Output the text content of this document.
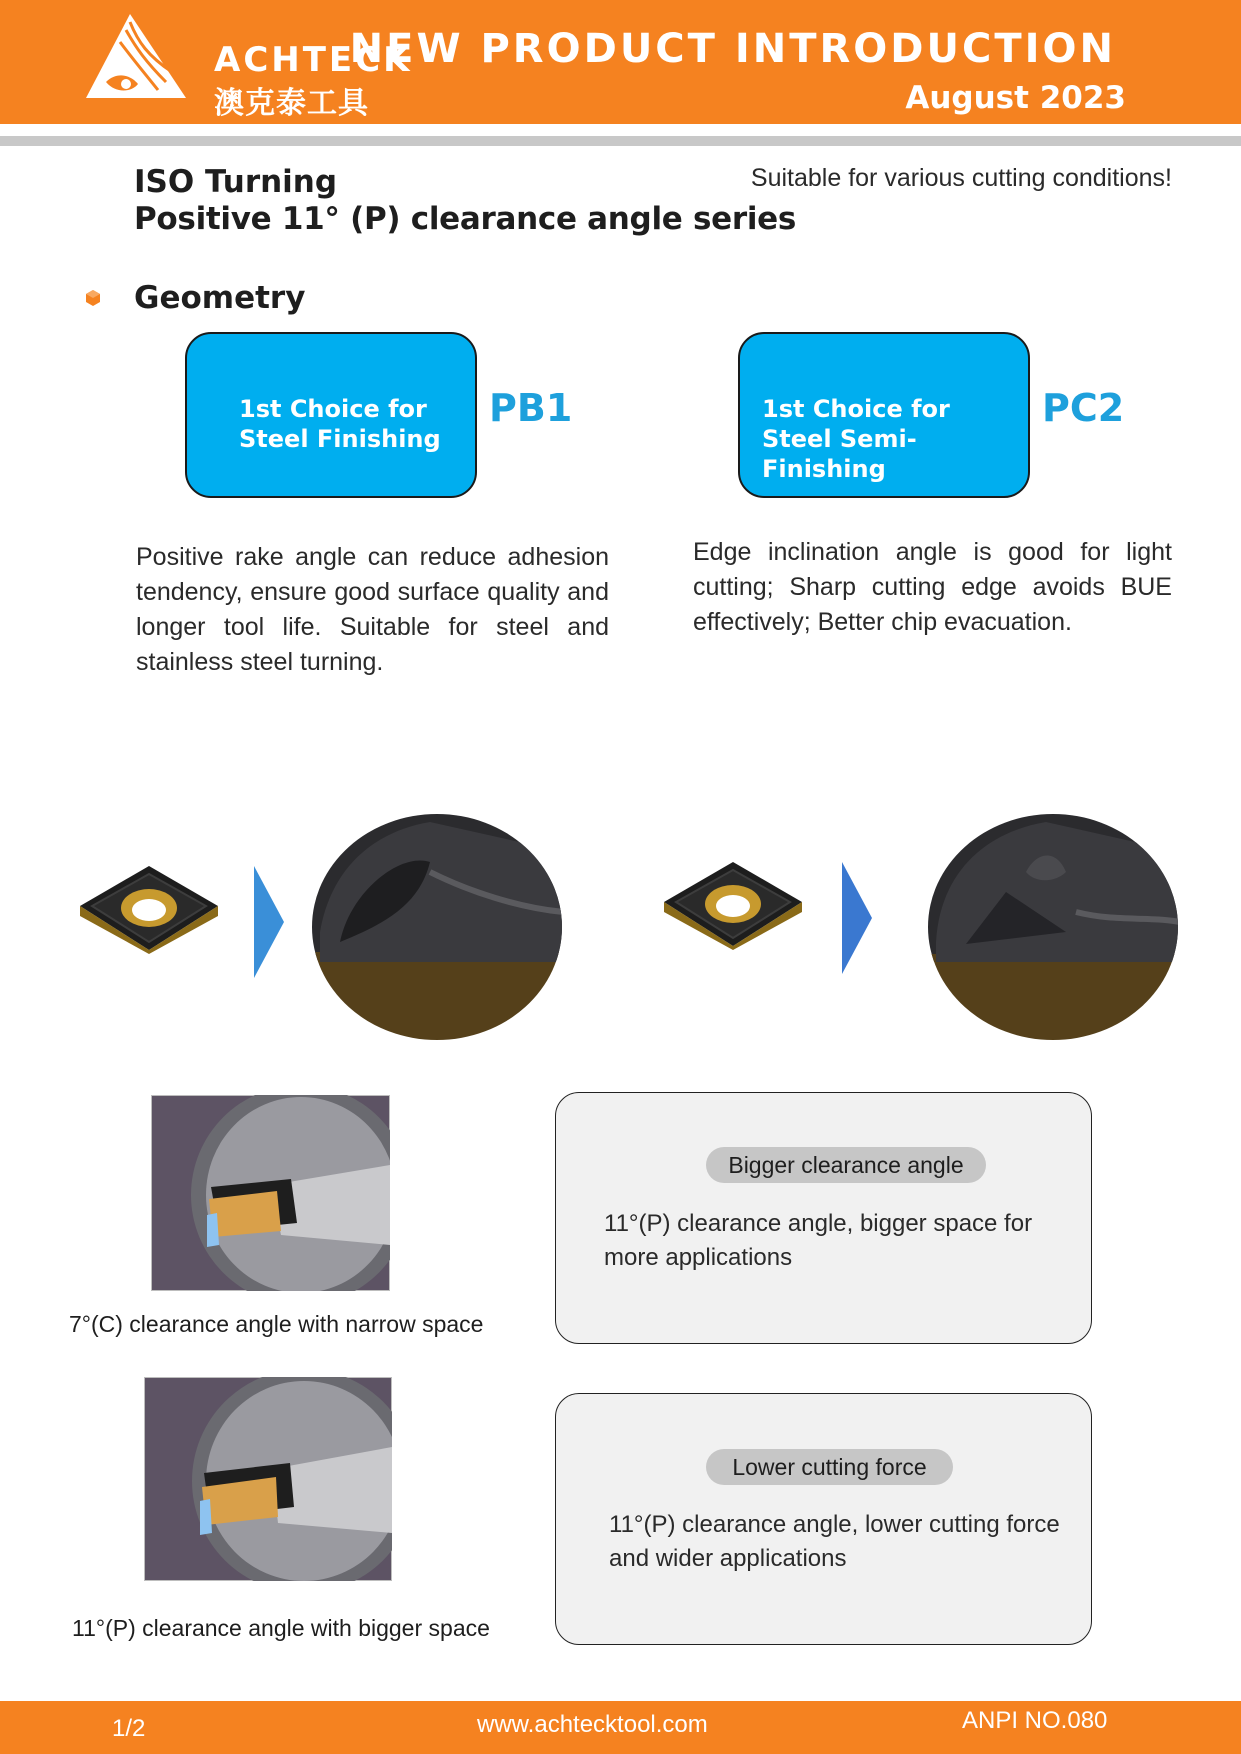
ACHTECK
澳克泰工具
NEW PRODUCT INTRODUCTION
August 2023
ISO Turning
Positive 11° (P) clearance angle series
Suitable for various cutting conditions!
Geometry
1st Choice for
Steel Finishing
PB1	1st Choice for
Steel Semi-Finishing
PC2
Positive rake angle can reduce adhesion tendency, ensure good surface quality and longer tool life. Suitable for steel and stainless steel turning.
Edge inclination angle is good for light cutting; Sharp cutting edge avoids BUE effectively; Better chip evacuation.
7°(C) clearance angle with narrow space
Bigger clearance angle
11°(P) clearance angle, bigger space for more applications
11°(P) clearance angle with bigger space
Lower cutting force
11°(P) clearance angle, lower cutting force and wider applications
1/2	www.achtecktool.com	ANPI NO.080
